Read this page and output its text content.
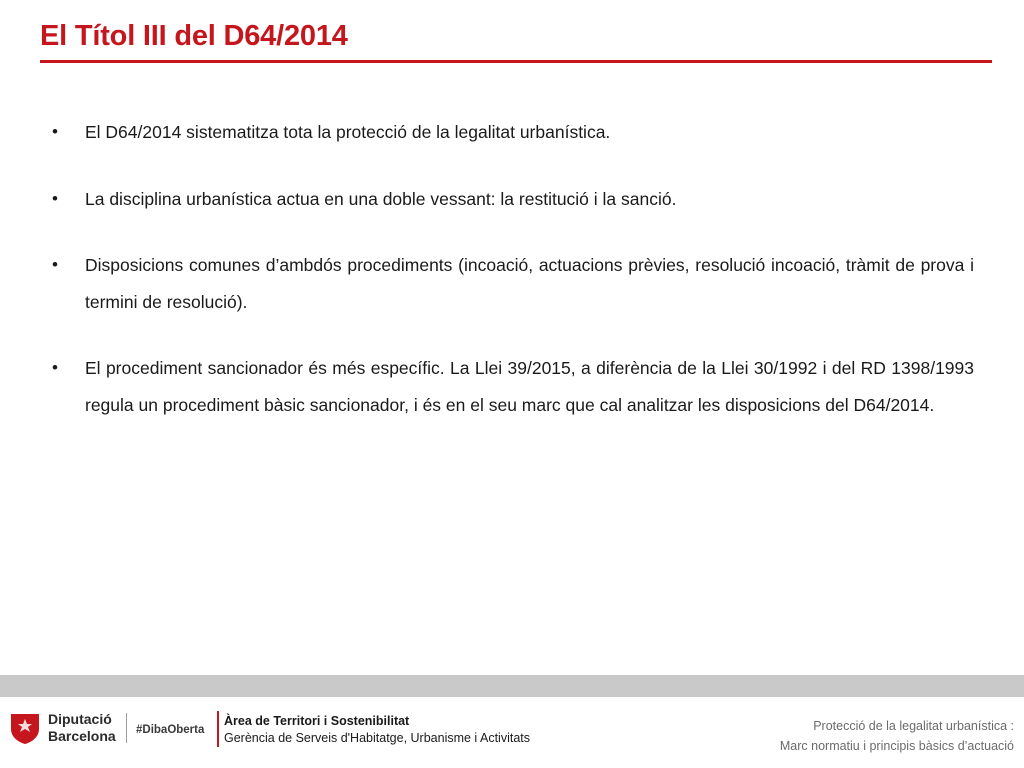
El Títol III del D64/2014
• El D64/2014 sistematitza tota la protecció de la legalitat urbanística.
• La disciplina urbanística actua en una doble vessant: la restitució i la sanció.
• Disposicions comunes d’ambdós procediments (incoació, actuacions prèvies, resolució incoació, tràmit de prova i termini de resolució).
• El procediment sancionador és més específic. La Llei 39/2015, a diferència de la Llei 30/1992 i del RD 1398/1993 regula un procediment bàsic sancionador, i és en el seu marc que cal analitzar les disposicions del D64/2014.
Diputació
Barcelona #DibaOberta
Àrea de Territori i Sostenibilitat
Gerència de Serveis d'Habitatge, Urbanisme i Activitats
Protecció de la legalitat urbanística :
Marc normatiu i principis bàsics d’actuació
